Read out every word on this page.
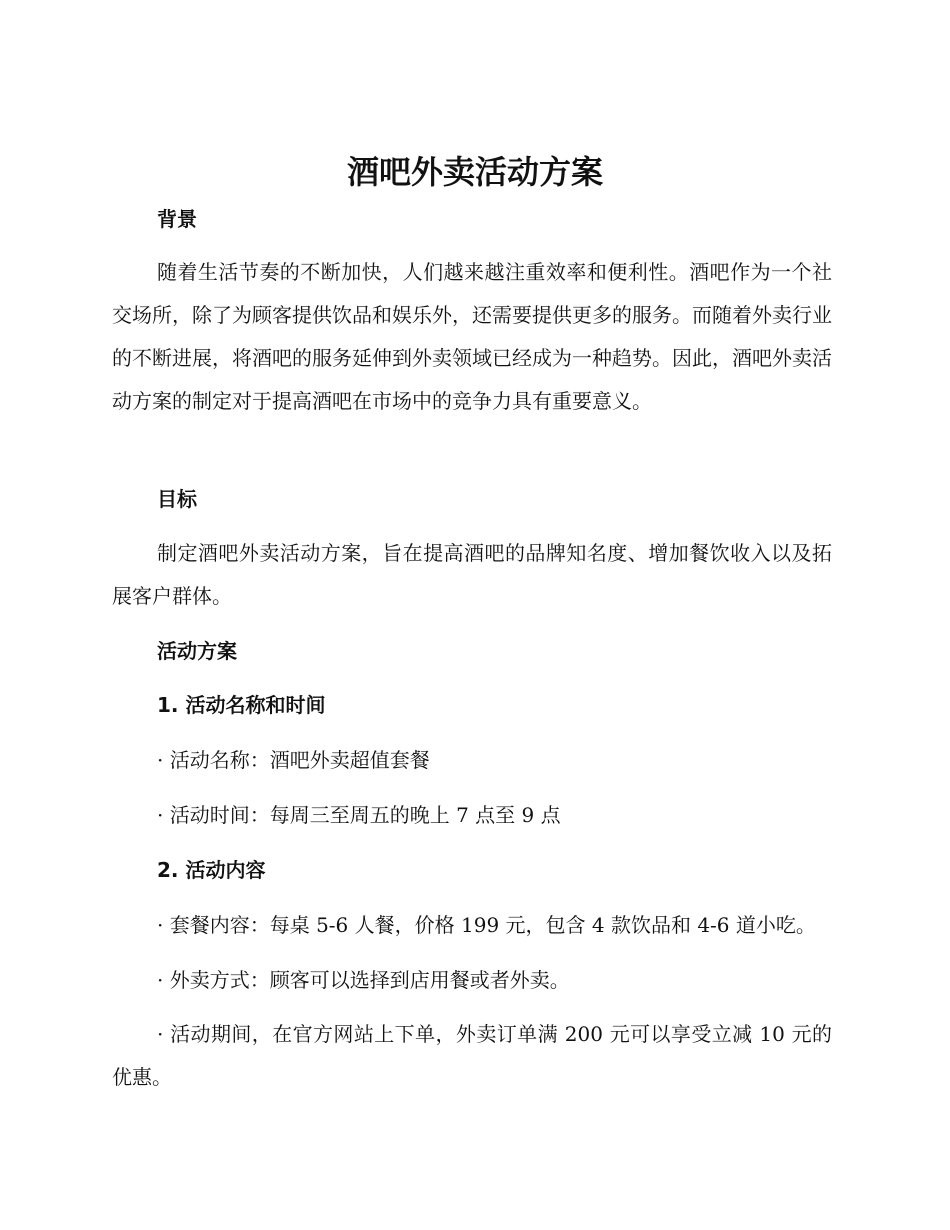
酒吧外卖活动方案
背景

随着生活节奏的不断加快，人们越来越注重效率和便利性。酒吧作为一个社交场所，除了为顾客提供饮品和娱乐外，还需要提供更多的服务。而随着外卖行业的不断进展，将酒吧的服务延伸到外卖领域已经成为一种趋势。因此，酒吧外卖活动方案的制定对于提高酒吧在市场中的竞争力具有重要意义。

目标

制定酒吧外卖活动方案，旨在提高酒吧的品牌知名度、增加餐饮收入以及拓展客户群体。

活动方案
1. 活动名称和时间

· 活动名称：酒吧外卖超值套餐

· 活动时间：每周三至周五的晚上 7 点至 9 点

2. 活动内容

· 套餐内容：每桌 5-6 人餐，价格 199 元，包含 4 款饮品和 4-6 道小吃。

· 外卖方式：顾客可以选择到店用餐或者外卖。

· 活动期间，在官方网站上下单，外卖订单满 200 元可以享受立减 10 元的优惠。
